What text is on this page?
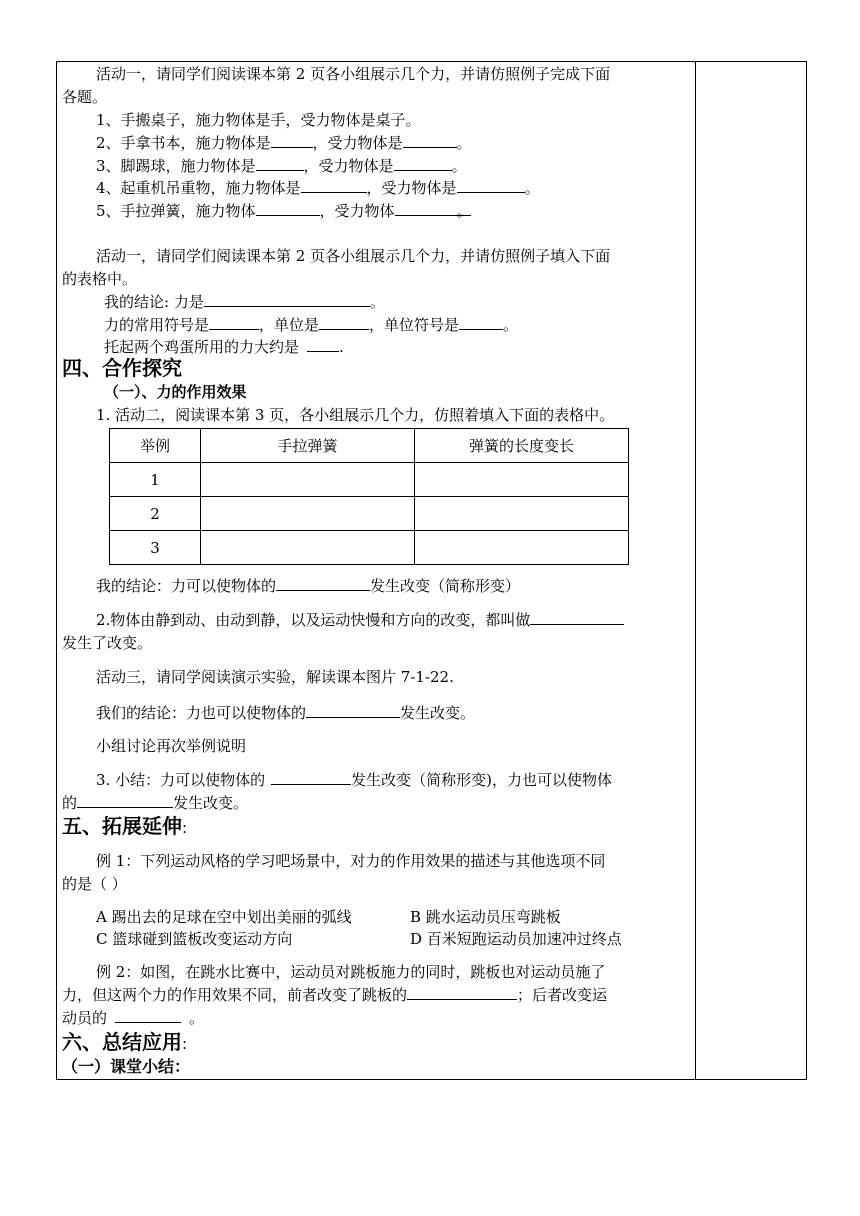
活动一，请同学们阅读课本第 2 页各小组展示几个力，并请仿照例子完成下面
各题。
1、手搬桌子，施力物体是手，受力物体是桌子。
2、手拿书本，施力物体是	，受力物体是	。
3、脚踢球，施力物体是	，受力物体是	。
4、起重机吊重物，施力物体是	，受力物体是	。
5、手拉弹簧，施力物体	，受力物体	。
活动一，请同学们阅读课本第 2 页各小组展示几个力，并请仿照例子填入下面
的表格中。
我的结论: 力是	。
力的常用符号是	，单位是	，单位符号是	。
托起两个鸡蛋所用的力大约是	.
四、合作探究
（一）、力的作用效果
1. 活动二，阅读课本第 3 页，各小组展示几个力，仿照着填入下面的表格中。
举例	手拉弹簧	弹簧的长度变长
1		
2		
3		
我的结论：力可以使物体的	发生改变（简称形变）
2.物体由静到动、由动到静，以及运动快慢和方向的改变，都叫做
发生了改变。
活动三，请同学阅读演示实验，解读课本图片 7-1-22.
我们的结论：力也可以使物体的	发生改变。
小组讨论再次举例说明
3. 小结：力可以使物体的	发生改变（简称形变)，力也可以使物体
的	发生改变。
五、拓展延伸:
例 1：下列运动风格的学习吧场景中，对力的作用效果的描述与其他选项不同
的是（ ）
A 踢出去的足球在空中划出美丽的弧线	B 跳水运动员压弯跳板
C 篮球碰到篮板改变运动方向	D 百米短跑运动员加速冲过终点
例 2：如图，在跳水比赛中，运动员对跳板施力的同时，跳板也对运动员施了
力，但这两个力的作用效果不同，前者改变了跳板的	；后者改变运
动员的	。
六、总结应用:
（一）课堂小结：
